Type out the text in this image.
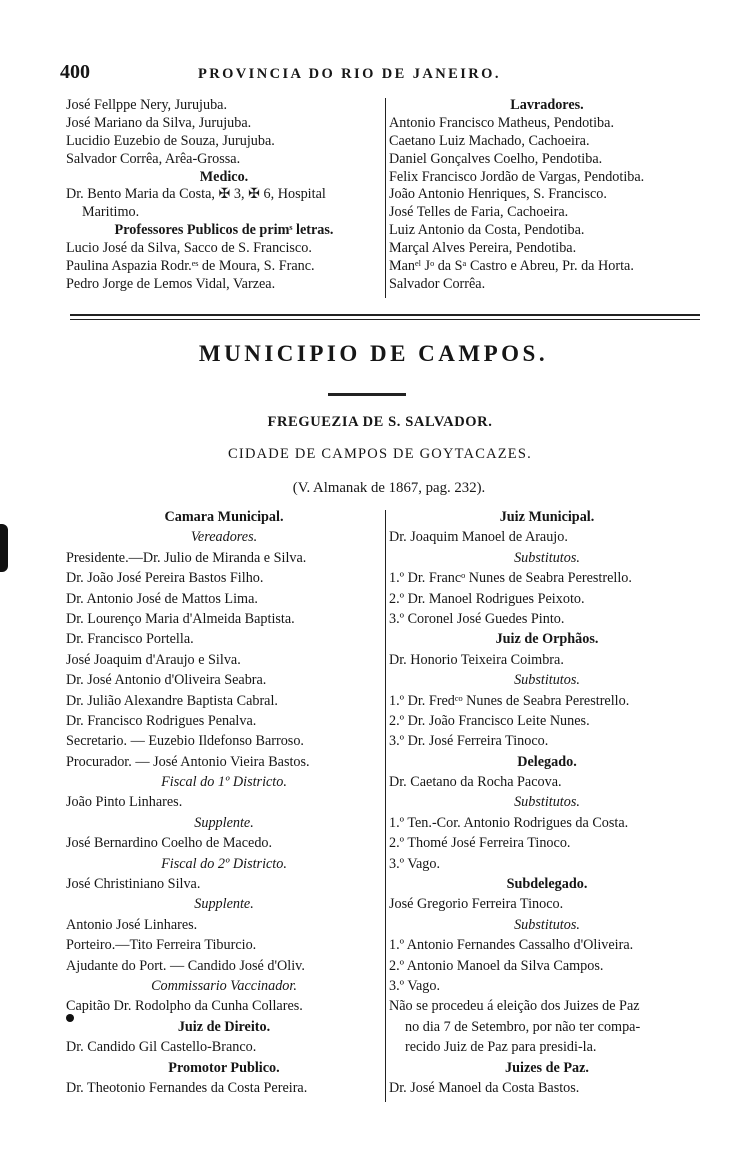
400	PROVINCIA DO RIO DE JANEIRO.
José Fellppe Nery, Jurujuba.
José Mariano da Silva, Jurujuba.
Lucidio Euzebio de Souza, Jurujuba.
Salvador Corrêa, Arêa-Grossa.
Medico.
Dr. Bento Maria da Costa, ✠ 3, ✠ 6, Hospital
Maritimo.
Professores Publicos de primˢ letras.
Lucio José da Silva, Sacco de S. Francisco.
Paulina Aspazia Rodr.ᵉˢ de Moura, S. Franc.
Pedro Jorge de Lemos Vidal, Varzea.
Lavradores.
Antonio Francisco Matheus, Pendotiba.
Caetano Luiz Machado, Cachoeira.
Daniel Gonçalves Coelho, Pendotiba.
Felix Francisco Jordão de Vargas, Pendotiba.
João Antonio Henriques, S. Francisco.
José Telles de Faria, Cachoeira.
Luiz Antonio da Costa, Pendotiba.
Marçal Alves Pereira, Pendotiba.
Manᵉˡ Jᵒ da Sᵃ Castro e Abreu, Pr. da Horta.
Salvador Corrêa.
MUNICIPIO DE CAMPOS.
FREGUEZIA DE S. SALVADOR.
CIDADE DE CAMPOS DE GOYTACAZES.
(V. Almanak de 1867, pag. 232).
Camara Municipal.
Vereadores.
Presidente.—Dr. Julio de Miranda e Silva.
Dr. João José Pereira Bastos Filho.
Dr. Antonio José de Mattos Lima.
Dr. Lourenço Maria d'Almeida Baptista.
Dr. Francisco Portella.
José Joaquim d'Araujo e Silva.
Dr. José Antonio d'Oliveira Seabra.
Dr. Julião Alexandre Baptista Cabral.
Dr. Francisco Rodrigues Penalva.
Secretario. — Euzebio Ildefonso Barroso.
Procurador. — José Antonio Vieira Bastos.
Fiscal do 1º Districto.
João Pinto Linhares.
Supplente.
José Bernardino Coelho de Macedo.
Fiscal do 2º Districto.
José Christiniano Silva.
Supplente.
Antonio José Linhares.
Porteiro.—Tito Ferreira Tiburcio.
Ajudante do Port. — Candido José d'Oliv.
Commissario Vaccinador.
Capitão Dr. Rodolpho da Cunha Collares.
Juiz de Direito.
Dr. Candido Gil Castello-Branco.
Promotor Publico.
Dr. Theotonio Fernandes da Costa Pereira.
Juiz Municipal.
Dr. Joaquim Manoel de Araujo.
Substitutos.
1.º Dr. Francᵒ Nunes de Seabra Perestrello.
2.º Dr. Manoel Rodrigues Peixoto.
3.º Coronel José Guedes Pinto.
Juiz de Orphãos.
Dr. Honorio Teixeira Coimbra.
Substitutos.
1.º Dr. Fredᶜᵒ Nunes de Seabra Perestrello.
2.º Dr. João Francisco Leite Nunes.
3.º Dr. José Ferreira Tinoco.
Delegado.
Dr. Caetano da Rocha Pacova.
Substitutos.
1.º Ten.-Cor. Antonio Rodrigues da Costa.
2.º Thomé José Ferreira Tinoco.
3.º Vago.
Subdelegado.
José Gregorio Ferreira Tinoco.
Substitutos.
1.º Antonio Fernandes Cassalho d'Oliveira.
2.º Antonio Manoel da Silva Campos.
3.º Vago.
Não se procedeu á eleição dos Juizes de Paz
no dia 7 de Setembro, por não ter compa-
recido Juiz de Paz para presidi-la.
Juizes de Paz.
Dr. José Manoel da Costa Bastos.
